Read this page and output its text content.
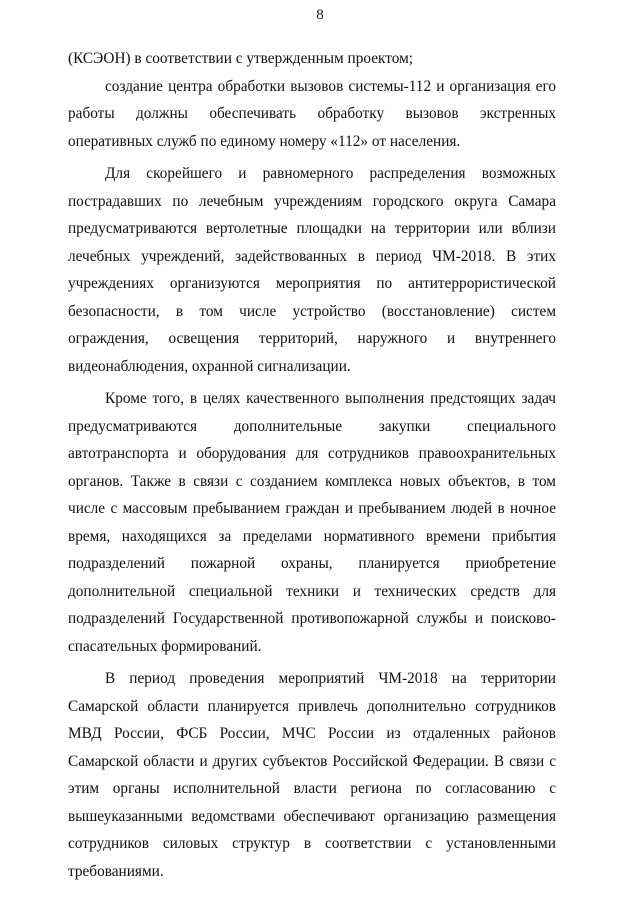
8

(КСЭОН) в соответствии с утвержденным проектом;

создание центра обработки вызовов системы-112 и организация его работы должны обеспечивать обработку вызовов экстренных оперативных служб по единому номеру «112» от населения.

Для скорейшего и равномерного распределения возможных пострадавших по лечебным учреждениям городского округа Самара предусматриваются вертолетные площадки на территории или вблизи лечебных учреждений, задействованных в период ЧМ-2018. В этих учреждениях организуются мероприятия по антитеррористической безопасности, в том числе устройство (восстановление) систем ограждения, освещения территорий, наружного и внутреннего видеонаблюдения, охранной сигнализации.

Кроме того, в целях качественного выполнения предстоящих задач предусматриваются дополнительные закупки специального автотранспорта и оборудования для сотрудников правоохранительных органов. Также в связи с созданием комплекса новых объектов, в том числе с массовым пребыванием граждан и пребыванием людей в ночное время, находящихся за пределами нормативного времени прибытия подразделений пожарной охраны, планируется приобретение дополнительной специальной техники и технических средств для подразделений Государственной противопожарной службы и поисково-спасательных формирований.

В период проведения мероприятий ЧМ-2018 на территории Самарской области планируется привлечь дополнительно сотрудников МВД России, ФСБ России, МЧС России из отдаленных районов Самарской области и других субъектов Российской Федерации. В связи с этим органы исполнительной власти региона по согласованию с вышеуказанными ведомствами обеспечивают организацию размещения сотрудников силовых структур в соответствии с установленными требованиями.
